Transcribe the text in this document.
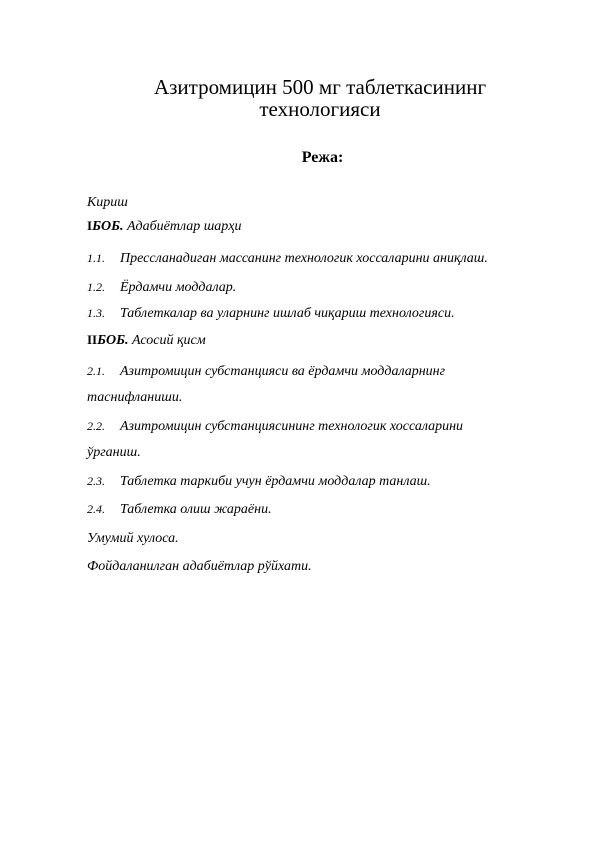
Азитромицин 500 мг таблеткасининг
технологияси
Режа:
Кириш
IБОБ. Адабиётлар шарҳи
1.1. Прессланадиган массанинг технологик хоссаларини аниқлаш.
1.2. Ёрдамчи моддалар.
1.3. Таблеткалар ва уларнинг ишлаб чиқариш технологияси.
IIБОБ. Асосий қисм
2.1. Азитромицин субстанцияси ва ёрдамчи моддаларнинг
таснифланиши.
2.2. Азитромицин субстанциясининг технологик хоссаларини
ўрганиш.
2.3. Таблетка таркиби учун ёрдамчи моддалар танлаш.
2.4. Таблетка олиш жараёни.
Умумий хулоса.
Фойдаланилган адабиётлар рўйхати.
